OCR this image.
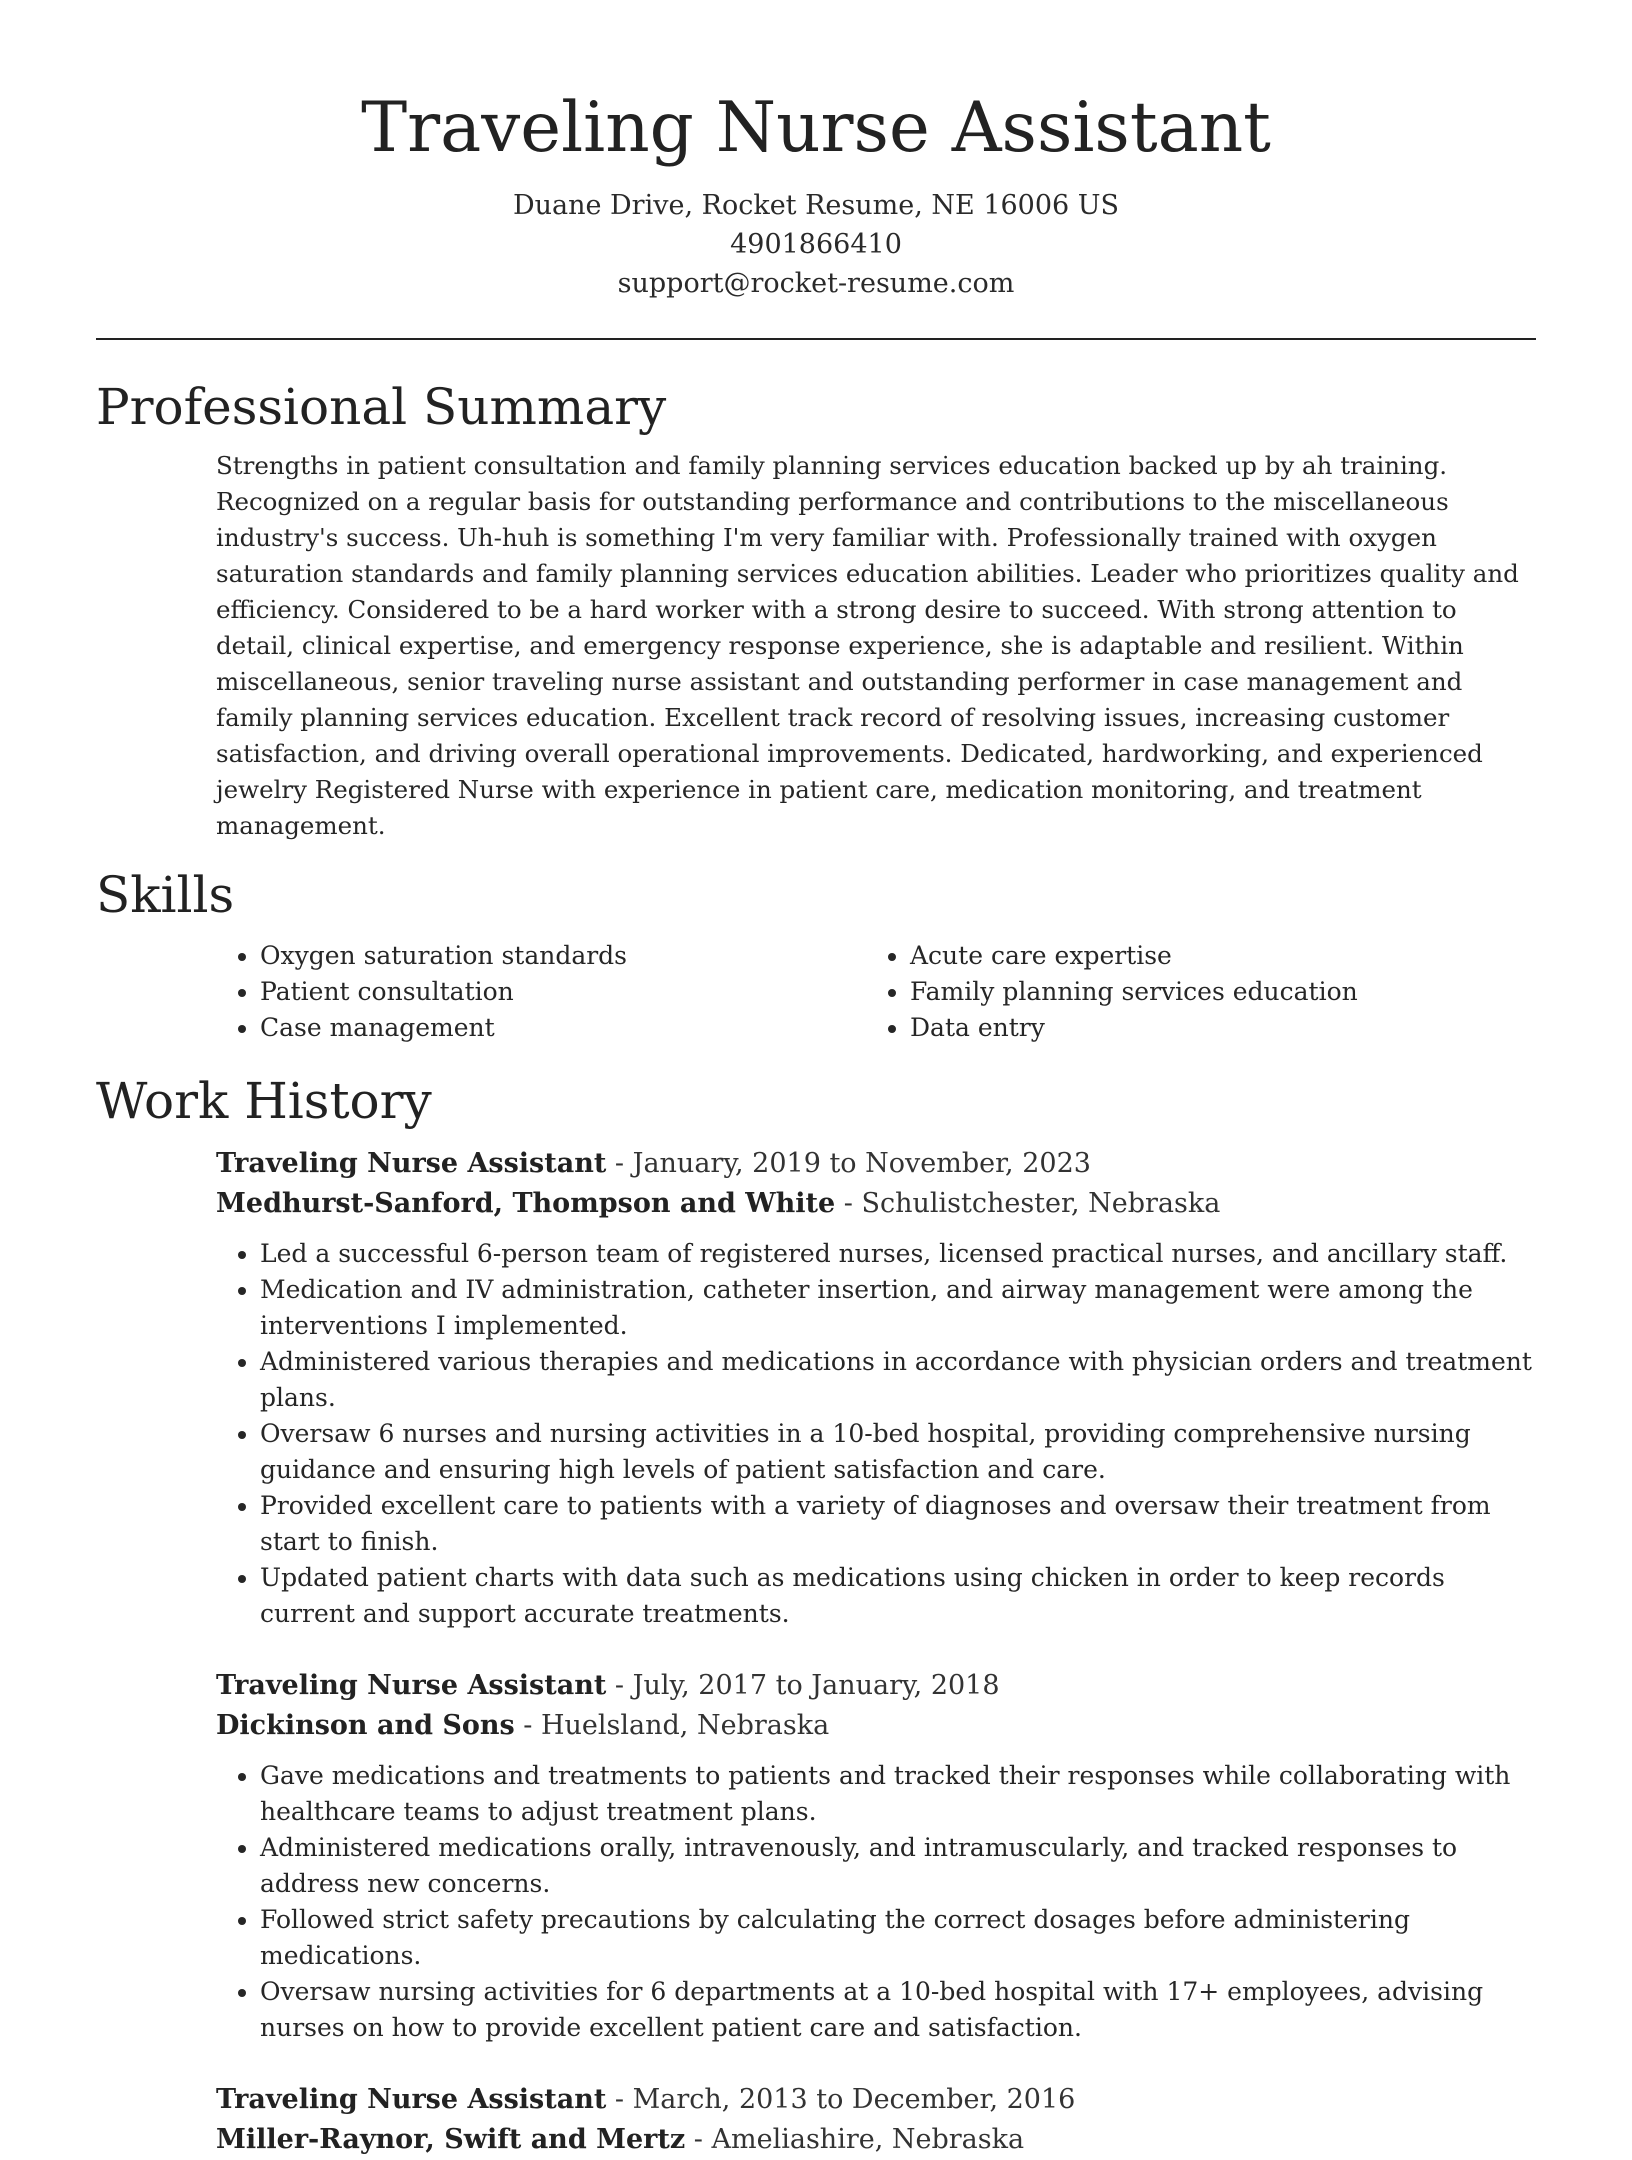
Traveling Nurse Assistant
Duane Drive, Rocket Resume, NE 16006 US
4901866410
support@rocket-resume.com
Professional Summary

Strengths in patient consultation and family planning services education backed up by ah training. Recognized on a regular basis for outstanding performance and contributions to the miscellaneous industry's success. Uh-huh is something I'm very familiar with. Professionally trained with oxygen saturation standards and family planning services education abilities. Leader who prioritizes quality and efficiency. Considered to be a hard worker with a strong desire to succeed. With strong attention to detail, clinical expertise, and emergency response experience, she is adaptable and resilient. Within miscellaneous, senior traveling nurse assistant and outstanding performer in case management and family planning services education. Excellent track record of resolving issues, increasing customer satisfaction, and driving overall operational improvements. Dedicated, hardworking, and experienced jewelry Registered Nurse with experience in patient care, medication monitoring, and treatment management.

Skills
• Oxygen saturation standards
• Patient consultation
• Case management
• Acute care expertise
• Family planning services education
• Data entry
Work History
Traveling Nurse Assistant - January, 2019 to November, 2023
Medhurst-Sanford, Thompson and White - Schulistchester, Nebraska
• Led a successful 6-person team of registered nurses, licensed practical nurses, and ancillary staff.
• Medication and IV administration, catheter insertion, and airway management were among the interventions I implemented.
• Administered various therapies and medications in accordance with physician orders and treatment plans.
• Oversaw 6 nurses and nursing activities in a 10-bed hospital, providing comprehensive nursing guidance and ensuring high levels of patient satisfaction and care.
• Provided excellent care to patients with a variety of diagnoses and oversaw their treatment from start to finish.
• Updated patient charts with data such as medications using chicken in order to keep records current and support accurate treatments.
Traveling Nurse Assistant - July, 2017 to January, 2018
Dickinson and Sons - Huelsland, Nebraska
• Gave medications and treatments to patients and tracked their responses while collaborating with healthcare teams to adjust treatment plans.
• Administered medications orally, intravenously, and intramuscularly, and tracked responses to address new concerns.
• Followed strict safety precautions by calculating the correct dosages before administering medications.
• Oversaw nursing activities for 6 departments at a 10-bed hospital with 17+ employees, advising nurses on how to provide excellent patient care and satisfaction.
Traveling Nurse Assistant - March, 2013 to December, 2016
Miller-Raynor, Swift and Mertz - Ameliashire, Nebraska
